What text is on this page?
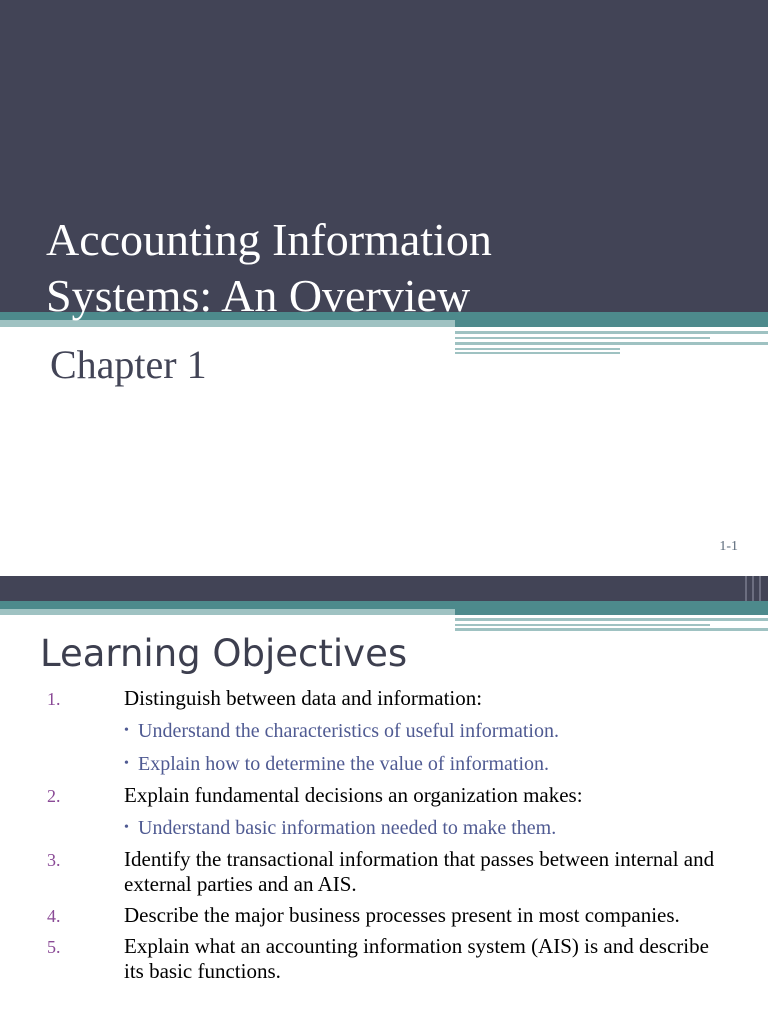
Accounting Information
Systems: An Overview
Chapter 1
1-1
Learning Objectives
1.	Distinguish between data and information:
• Understand the characteristics of useful information.
• Explain how to determine the value of information.
2.	Explain fundamental decisions an organization makes:
• Understand basic information needed to make them.
3.	Identify the transactional information that passes between internal and external parties and an AIS.
4.	Describe the major business processes present in most companies.
5.	Explain what an accounting information system (AIS) is and describe its basic functions.
